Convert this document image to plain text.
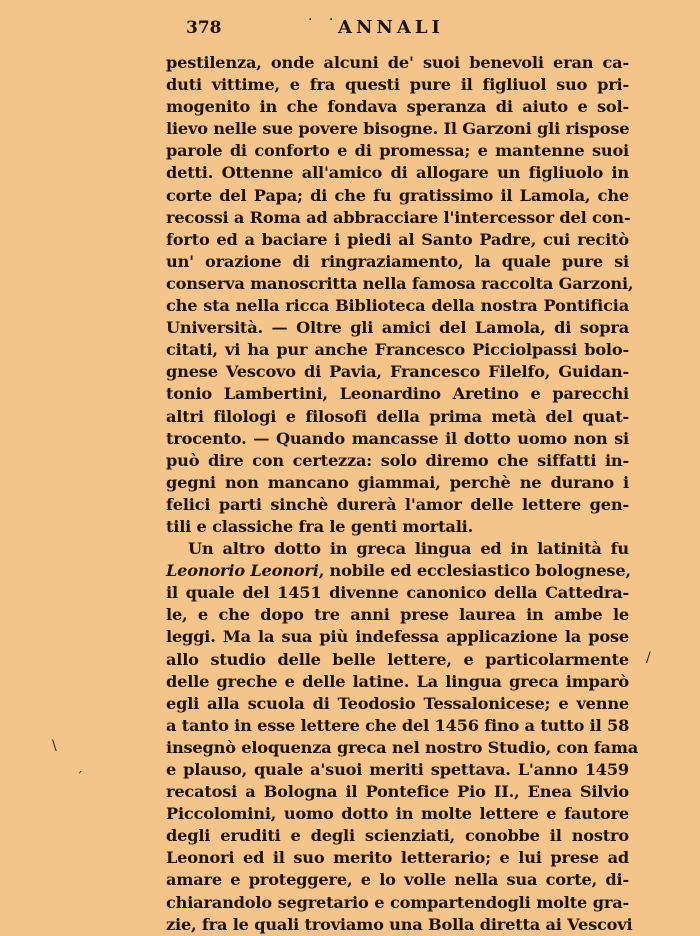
378	· ·
ANNALI
pestilenza, onde alcuni de' suoi benevoli eran ca-
duti vittime, e fra questi pure il figliuol suo pri-
mogenito in che fondava speranza di aiuto e sol-
lievo nelle sue povere bisogne. Il Garzoni gli rispose
parole di conforto e di promessa; e mantenne suoi
detti. Ottenne all'amico di allogare un figliuolo in
corte del Papa; di che fu gratissimo il Lamola, che
recossi a Roma ad abbracciare l'intercessor del con-
forto ed a baciare i piedi al Santo Padre, cui recitò
un' orazione di ringraziamento, la quale pure si
conserva manoscritta nella famosa raccolta Garzoni,
che sta nella ricca Biblioteca della nostra Pontificia
Università. — Oltre gli amici del Lamola, di sopra
citati, vi ha pur anche Francesco Picciolpassi bolo-
gnese Vescovo di Pavia, Francesco Filelfo, Guidan-
tonio Lambertini, Leonardino Aretino e parecchi
altri filologi e filosofi della prima metà del quat-
trocento. — Quando mancasse il dotto uomo non si
può dire con certezza: solo diremo che siffatti in-
gegni non mancano giammai, perchè ne durano i
felici parti sinchè durerà l'amor delle lettere gen-
tili e classiche fra le genti mortali.
Un altro dotto in greca lingua ed in latinità fu
Leonorio Leonori, nobile ed ecclesiastico bolognese,
il quale del 1451 divenne canonico della Cattedra-
le, e che dopo tre anni prese laurea in ambe le
leggi. Ma la sua più indefessa applicazione la pose
allo studio delle belle lettere, e particolarmente
delle greche e delle latine. La lingua greca imparò
egli alla scuola di Teodosio Tessalonicese; e venne
a tanto in esse lettere che del 1456 fino a tutto il 58
insegnò eloquenza greca nel nostro Studio, con fama
e plauso, quale a'suoi meriti spettava. L'anno 1459
recatosi a Bologna il Pontefice Pio II., Enea Silvio
Piccolomini, uomo dotto in molte lettere e fautore
degli eruditi e degli scienziati, conobbe il nostro
Leonori ed il suo merito letterario; e lui prese ad
amare e proteggere, e lo volle nella sua corte, di-
chiarandolo segretario e compartendogli molte gra-
zie, fra le quali troviamo una Bolla diretta ai Vescovi
/
\
´
